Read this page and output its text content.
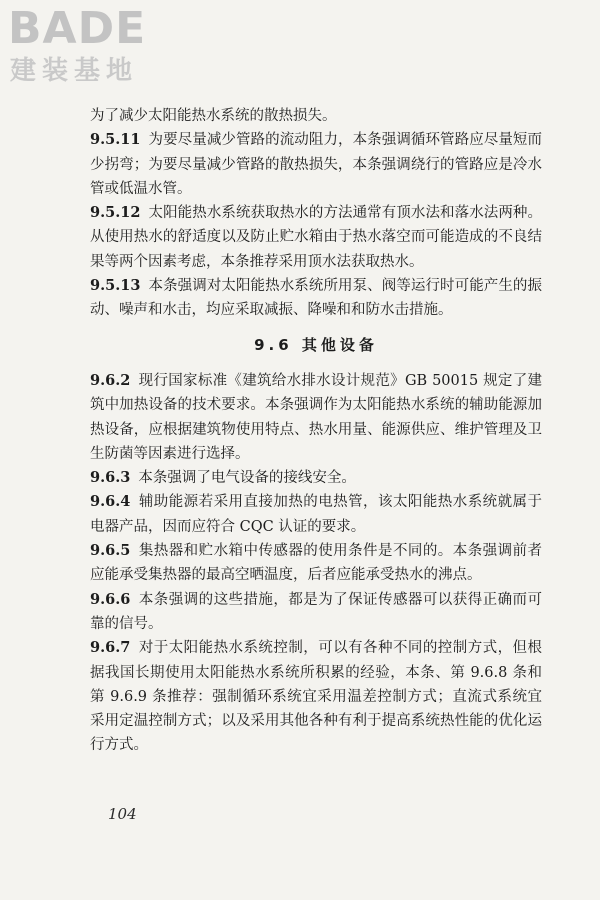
BADE
建装基地

为了减少太阳能热水系统的散热损失。

9.5.11 为要尽量减少管路的流动阻力，本条强调循环管路应尽量短而少拐弯；为要尽量减少管路的散热损失，本条强调绕行的管路应是冷水管或低温水管。

9.5.12 太阳能热水系统获取热水的方法通常有顶水法和落水法两种。从使用热水的舒适度以及防止贮水箱由于热水落空而可能造成的不良结果等两个因素考虑，本条推荐采用顶水法获取热水。

9.5.13 本条强调对太阳能热水系统所用泵、阀等运行时可能产生的振动、噪声和水击，均应采取减振、降噪和和防水击措施。

9.6 其他设备

9.6.2 现行国家标准《建筑给水排水设计规范》GB 50015 规定了建筑中加热设备的技术要求。本条强调作为太阳能热水系统的辅助能源加热设备，应根据建筑物使用特点、热水用量、能源供应、维护管理及卫生防菌等因素进行选择。

9.6.3 本条强调了电气设备的接线安全。

9.6.4 辅助能源若采用直接加热的电热管，该太阳能热水系统就属于电器产品，因而应符合 CQC 认证的要求。

9.6.5 集热器和贮水箱中传感器的使用条件是不同的。本条强调前者应能承受集热器的最高空晒温度，后者应能承受热水的沸点。

9.6.6 本条强调的这些措施，都是为了保证传感器可以获得正确而可靠的信号。

9.6.7 对于太阳能热水系统控制，可以有各种不同的控制方式，但根据我国长期使用太阳能热水系统所积累的经验，本条、第 9.6.8 条和第 9.6.9 条推荐：强制循环系统宜采用温差控制方式；直流式系统宜采用定温控制方式；以及采用其他各种有利于提高系统热性能的优化运行方式。

104
